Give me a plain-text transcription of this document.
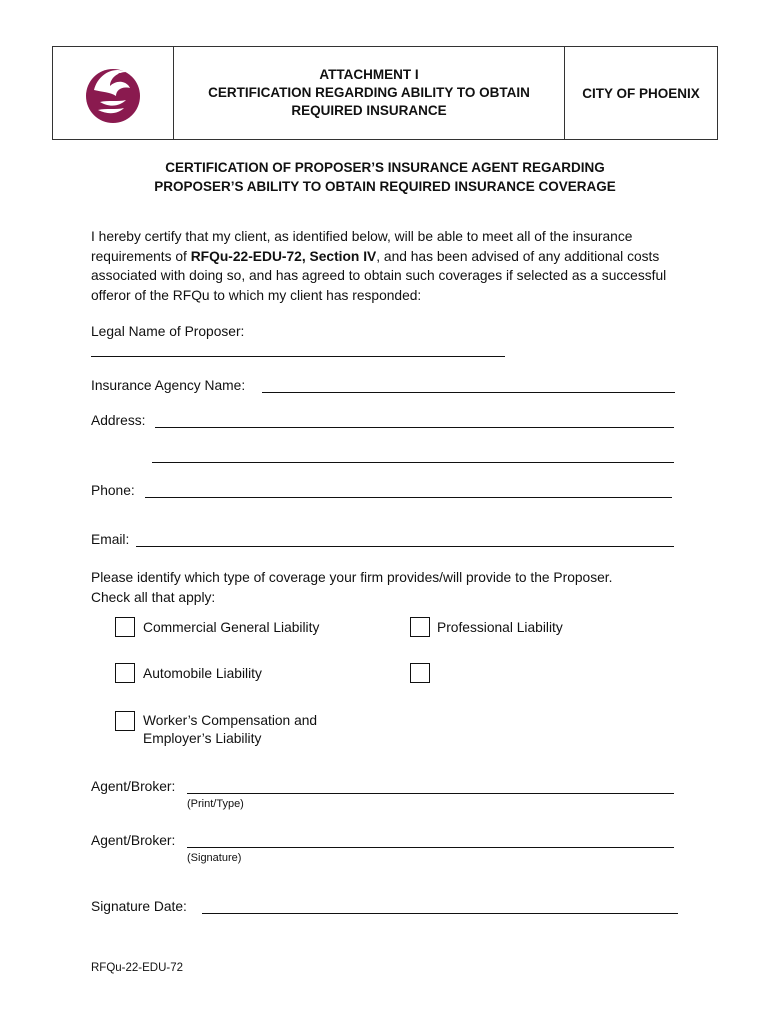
ATTACHMENT I
CERTIFICATION REGARDING ABILITY TO OBTAIN
REQUIRED INSURANCE
CITY OF PHOENIX
CERTIFICATION OF PROPOSER’S INSURANCE AGENT REGARDING
PROPOSER’S ABILITY TO OBTAIN REQUIRED INSURANCE COVERAGE
I hereby certify that my client, as identified below, will be able to meet all of the insurance requirements of RFQu-22-EDU-72, Section IV, and has been advised of any additional costs associated with doing so, and has agreed to obtain such coverages if selected as a successful offeror of the RFQu to which my client has responded:
Legal Name of Proposer:
Insurance Agency Name:
Address:
Phone:
Email:
Please identify which type of coverage your firm provides/will provide to the Proposer.
Check all that apply:
Commercial General Liability	Professional Liability
Automobile Liability
Worker’s Compensation and
Employer’s Liability
Agent/Broker:
(Print/Type)
Agent/Broker:
(Signature)
Signature Date:
RFQu-22-EDU-72
